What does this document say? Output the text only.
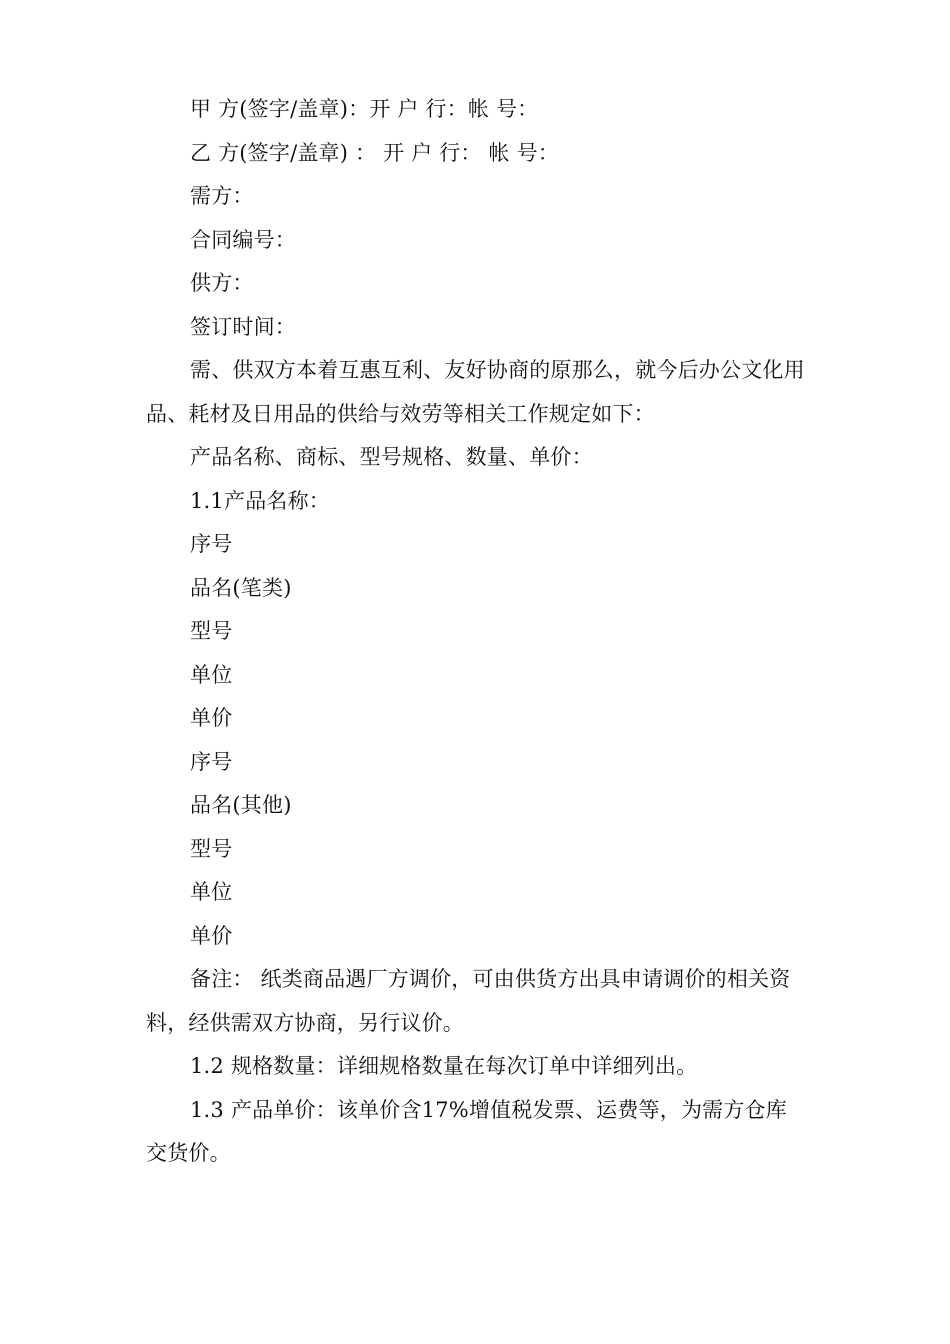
甲 方(签字/盖章)：开 户 行：帐 号：

乙 方(签字/盖章) ： 开 户 行： 帐 号：

需方：

合同编号：

供方：

签订时间：

需、供双方本着互惠互利、友好协商的原那么，就今后办公文化用品、耗材及日用品的供给与效劳等相关工作规定如下：

产品名称、商标、型号规格、数量、单价：

1.1产品名称：

序号

品名(笔类)

型号

单位

单价

序号

品名(其他)

型号

单位

单价

备注： 纸类商品遇厂方调价，可由供货方出具申请调价的相关资料，经供需双方协商，另行议价。

1.2 规格数量：详细规格数量在每次订单中详细列出。

1.3 产品单价：该单价含17%增值税发票、运费等，为需方仓库交货价。
